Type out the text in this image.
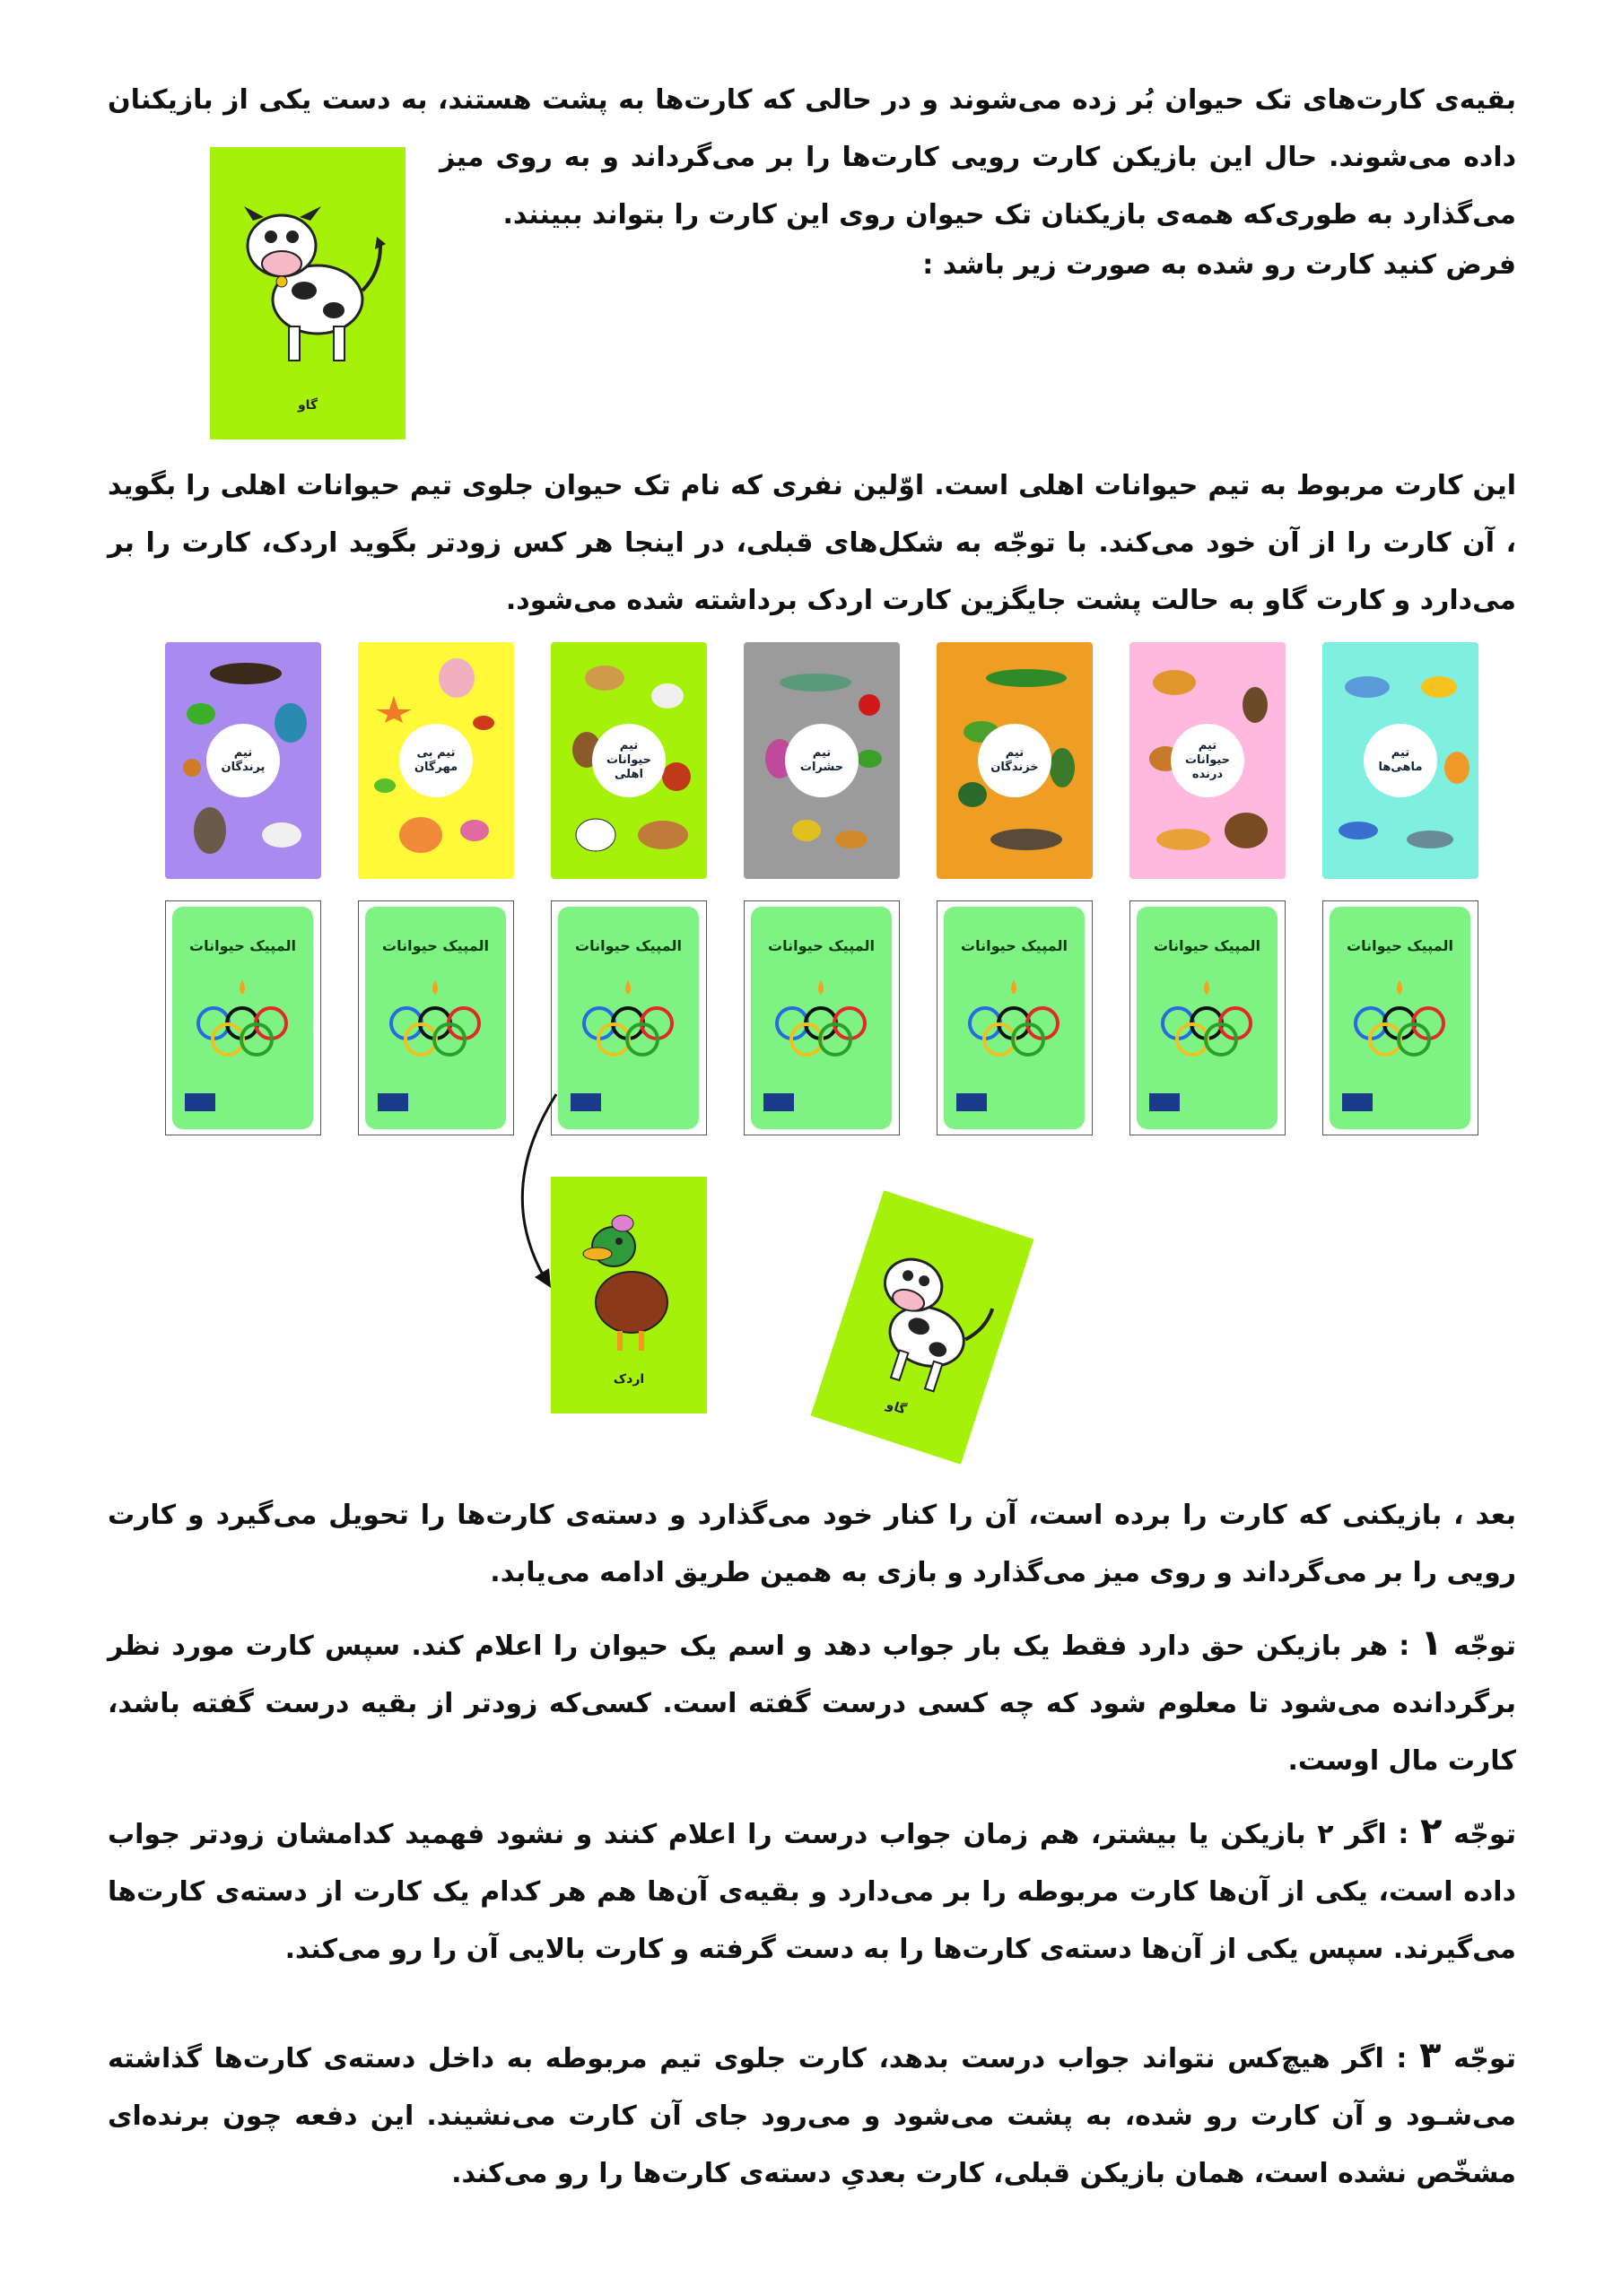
بقیه‌ی کارت‌های تک حیوان بُر زده می‌شوند و در حالی که کارت‌ها به پشت هستند، به دست یکی از بازیکنان

داده می‌شوند. حال این بازیکن کارت رویی کارت‌ها را بر می‌گرداند و به روی میز

می‌گذارد به طوری‌که همه‌ی بازیکنان تک حیوان روی این کارت را بتواند ببینند.

فرض کنید کارت رو شده به صورت زیر باشد :

گاو

این کارت مربوط به تیم حیوانات اهلی است. اوّلین نفری که نام تک حیوان جلوی تیم حیوانات اهلی را بگوید ، آن کارت را از آن خود می‌کند. با توجّه به شکل‌های قبلی، در اینجا هر کس زودتر بگوید اردک، کارت را بر می‌دارد و کارت گاو به حالت پشت جایگزین کارت اردک برداشته شده می‌شود.

تیم ماهی‌ها
تیم حیوانات درنده
تیم خزندگان
تیم حشرات
تیم حیوانات اهلی
تیم بی مهرگان
تیم پرندگان
المپیک حیوانات
المپیک حیوانات
المپیک حیوانات
المپیک حیوانات
المپیک حیوانات
المپیک حیوانات
المپیک حیوانات
اردک
گاو

بعد ، بازیکنی که کارت را برده است، آن را کنار خود می‌گذارد و دسته‌ی کارت‌ها را تحویل می‌گیرد و کارت رویی را بر می‌گرداند و روی میز می‌گذارد و بازی به همین طریق ادامه می‌یابد.

توجّه ۱ : هر بازیکن حق دارد فقط یک بار جواب دهد و اسم یک حیوان را اعلام کند. سپس کارت مورد نظر برگردانده می‌شود تا معلوم شود که چه کسی درست گفته است. کسی‌که زودتر از بقیه درست گفته باشد، کارت مال اوست.

توجّه ۲ : اگر ۲ بازیکن یا بیشتر، هم زمان جواب درست را اعلام کنند و نشود فهمید کدامشان زودتر جواب داده است، یکی از آن‌ها کارت مربوطه را بر می‌دارد و بقیه‌ی آن‌ها هم هر کدام یک کارت از دسته‌ی کارت‌ها می‌گیرند. سپس یکی از آن‌ها دسته‌ی کارت‌ها را به دست گرفته و کارت بالایی آن را رو می‌کند.

توجّه ۳ : اگر هیچ‌کس نتواند جواب درست بدهد، کارت جلوی تیم مربوطه به داخل دسته‌ی کارت‌ها گذاشته می‌شـود و آن کارت رو شده، به پشت می‌شود و می‌رود جای آن کارت می‌نشیند. این دفعه چون برنده‌ای مشخّص نشده است، همان بازیکن قبلی، کارت بعدیِ دسته‌ی کارت‌ها را رو می‌کند.
